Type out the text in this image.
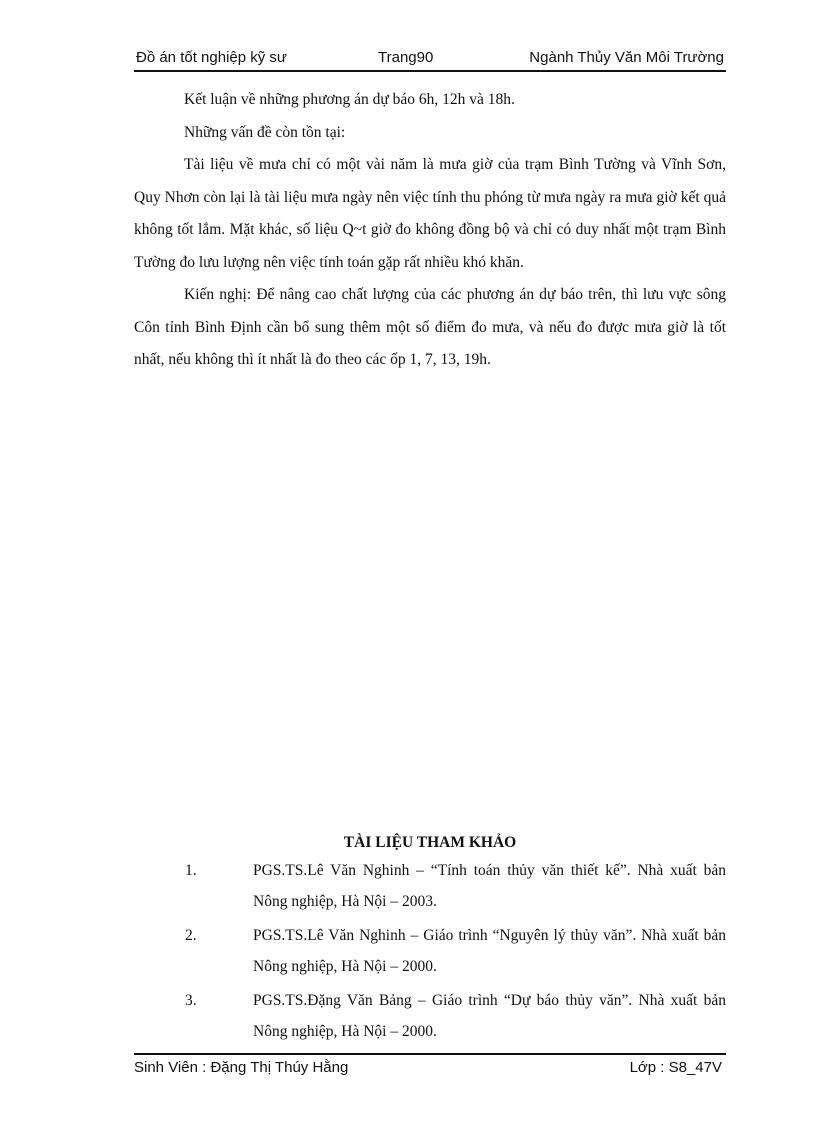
Đồ án tốt nghiệp kỹ sư	Trang90	Ngành Thủy Văn Môi Trường

Kết luận về những phương án dự báo 6h, 12h và 18h.

Những vấn đề còn tồn tại:

Tài liệu về mưa chỉ có một vài năm là mưa giờ của trạm Bình Tường và Vĩnh Sơn, Quy Nhơn còn lại là tài liệu mưa ngày nên việc tính thu phóng từ mưa ngày ra mưa giờ kết quả không tốt lắm. Mặt khác, số liệu Q~t giờ đo không đồng bộ và chỉ có duy nhất một trạm Bình Tường đo lưu lượng nên việc tính toán gặp rất nhiều khó khăn.

Kiến nghị: Để nâng cao chất lượng của các phương án dự báo trên, thì lưu vực sông Côn tỉnh Bình Định cần bổ sung thêm một số điểm đo mưa, và nếu đo được mưa giờ là tốt nhất, nếu không thì ít nhất là đo theo các ốp 1, 7, 13, 19h.

TÀI LIỆU THAM KHẢO
1.	PGS.TS.Lê Văn Nghinh – “Tính toán thủy văn thiết kế”. Nhà xuất bản Nông nghiệp, Hà Nội – 2003.
2.	PGS.TS.Lê Văn Nghinh – Giáo trình “Nguyên lý thủy văn”. Nhà xuất bản Nông nghiệp, Hà Nội – 2000.
3.	PGS.TS.Đặng Văn Bảng – Giáo trình “Dự báo thủy văn”. Nhà xuất bản Nông nghiệp, Hà Nội – 2000.
Sinh Viên : Đặng Thị Thúy Hằng	Lớp : S8_47V
